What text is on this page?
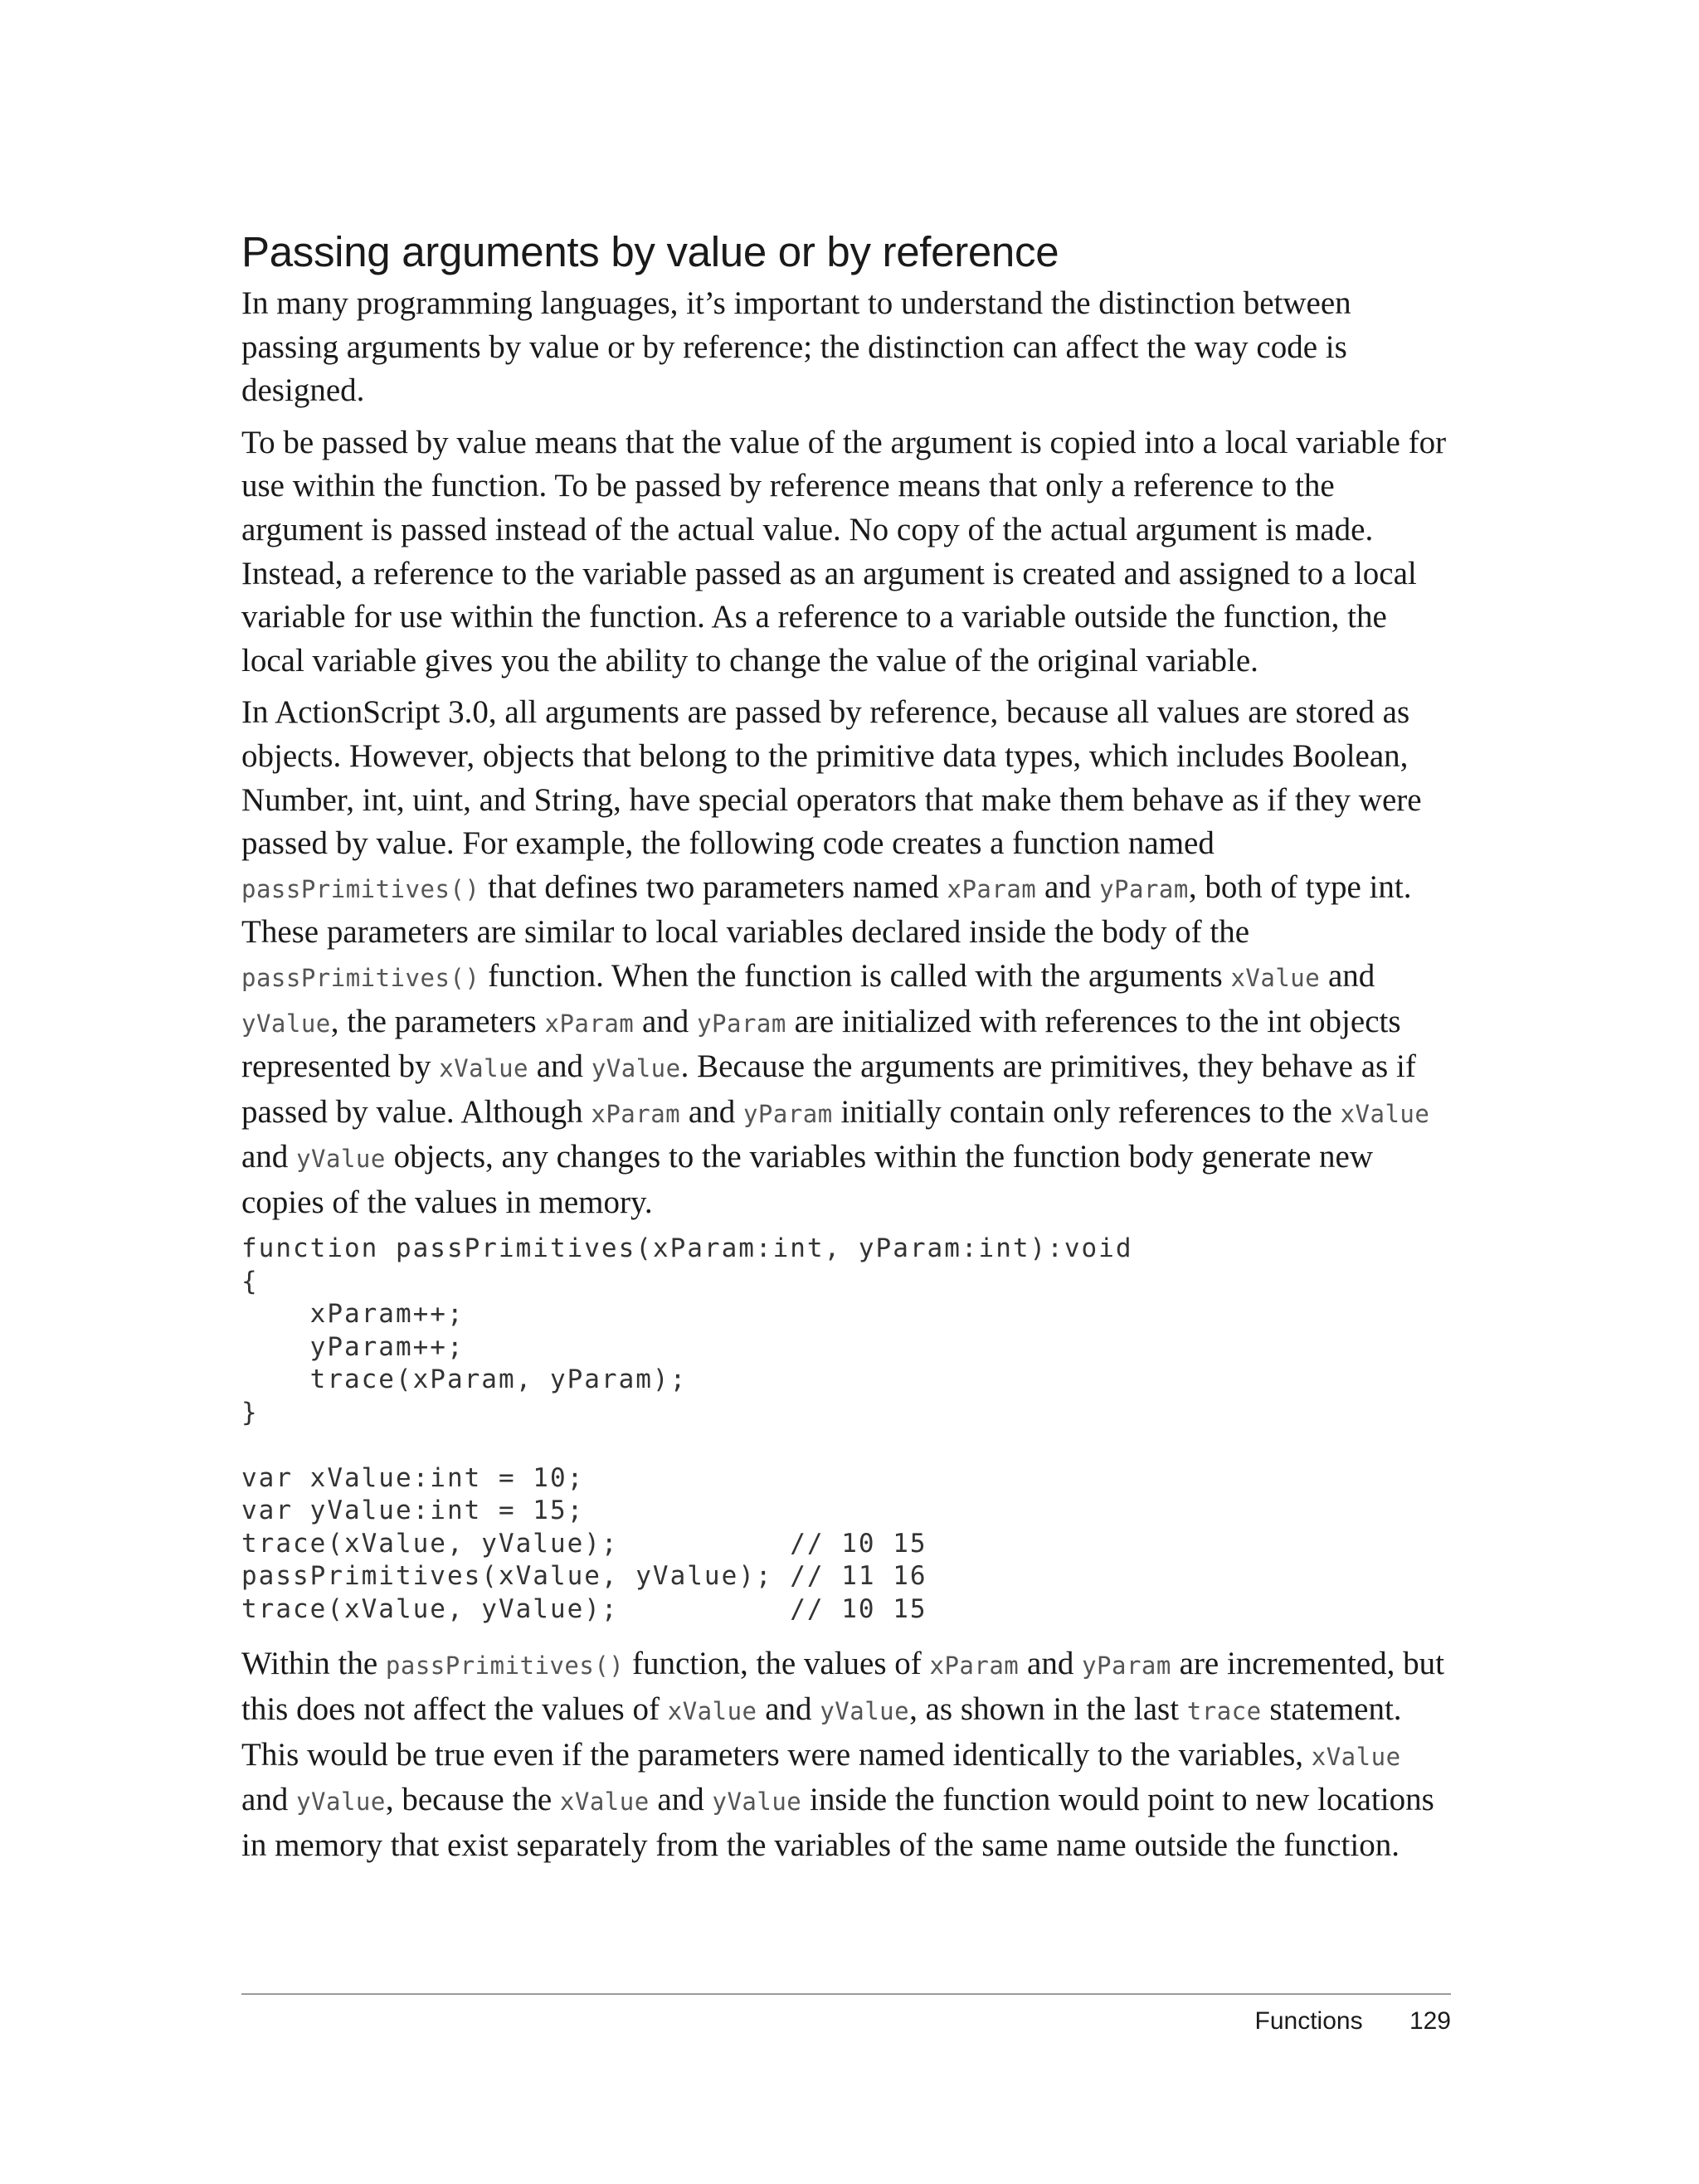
Passing arguments by value or by reference

In many programming languages, it’s important to understand the distinction between passing arguments by value or by reference; the distinction can affect the way code is designed.

To be passed by value means that the value of the argument is copied into a local variable for use within the function. To be passed by reference means that only a reference to the argument is passed instead of the actual value. No copy of the actual argument is made. Instead, a reference to the variable passed as an argument is created and assigned to a local variable for use within the function. As a reference to a variable outside the function, the local variable gives you the ability to change the value of the original variable.

In ActionScript 3.0, all arguments are passed by reference, because all values are stored as objects. However, objects that belong to the primitive data types, which includes Boolean, Number, int, uint, and String, have special operators that make them behave as if they were passed by value. For example, the following code creates a function named passPrimitives() that defines two parameters named xParam and yParam, both of type int. These parameters are similar to local variables declared inside the body of the passPrimitives() function. When the function is called with the arguments xValue and yValue, the parameters xParam and yParam are initialized with references to the int objects represented by xValue and yValue. Because the arguments are primitives, they behave as if passed by value. Although xParam and yParam initially contain only references to the xValue and yValue objects, any changes to the variables within the function body generate new copies of the values in memory.

function passPrimitives(xParam:int, yParam:int):void
{
xParam++;
yParam++;
trace(xParam, yParam);
}

var xValue:int = 10;
var yValue:int = 15;
trace(xValue, yValue);          // 10 15
passPrimitives(xValue, yValue); // 11 16
trace(xValue, yValue);          // 10 15

Within the passPrimitives() function, the values of xParam and yParam are incremented, but this does not affect the values of xValue and yValue, as shown in the last trace statement. This would be true even if the parameters were named identically to the variables, xValue and yValue, because the xValue and yValue inside the function would point to new locations in memory that exist separately from the variables of the same name outside the function.

Functions 129
